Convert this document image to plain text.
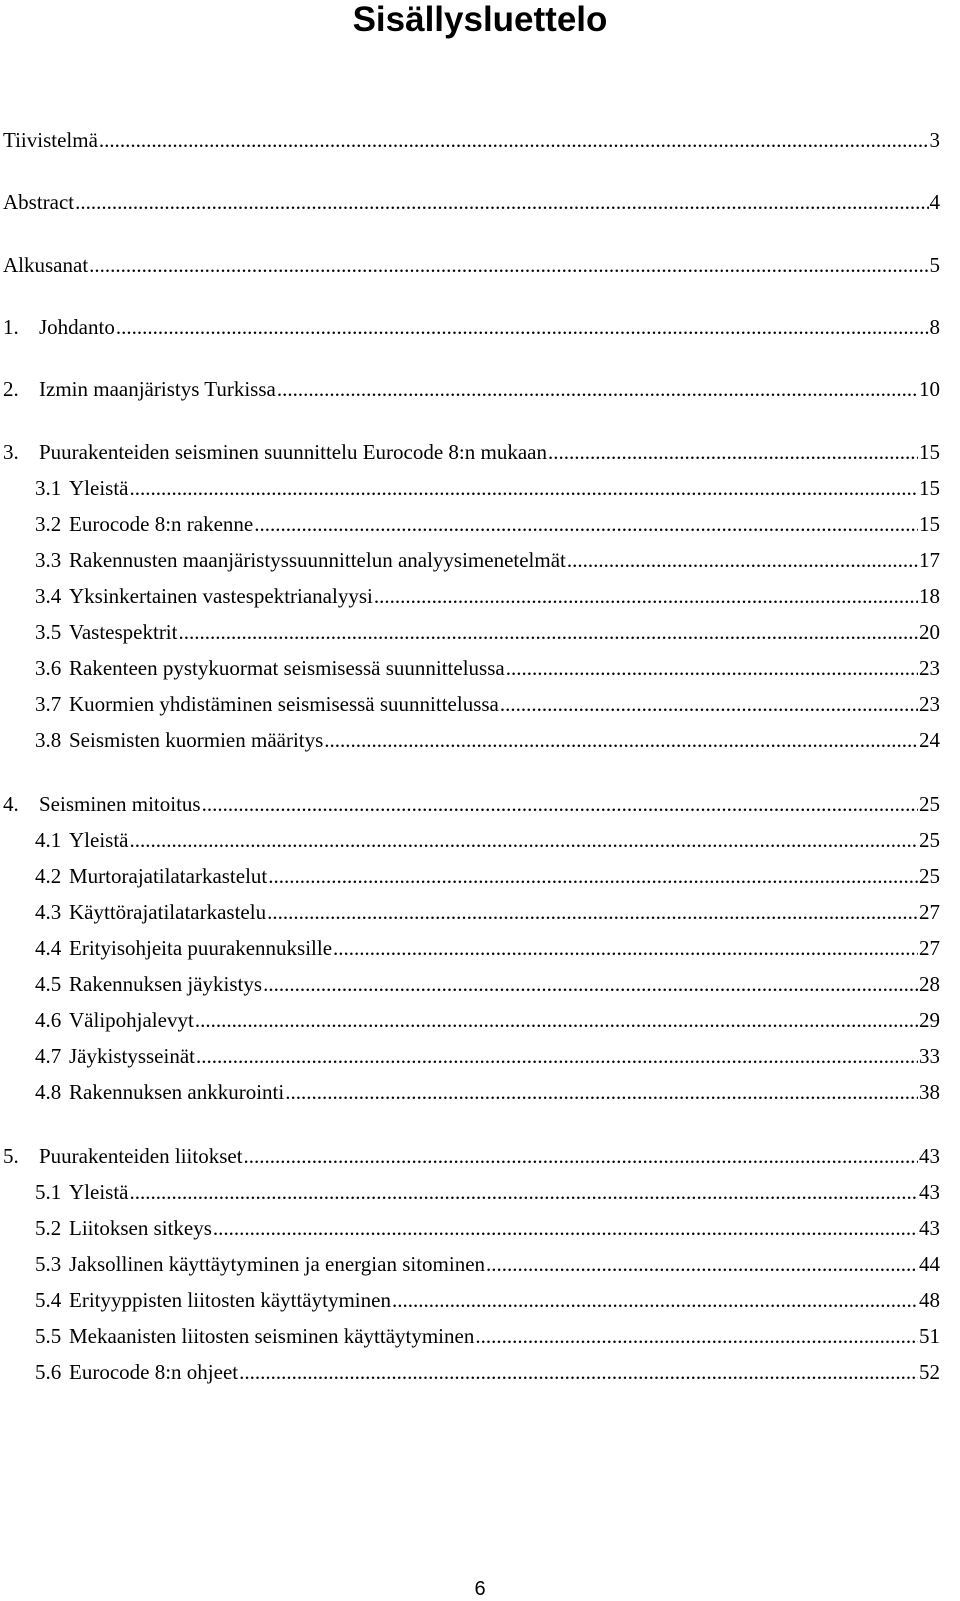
Sisällysluettelo
Tiivistelmä .....	3
Abstract .....	4
Alkusanat .....	5
1. Johdanto .....	8
2. Izmin maanjäristys Turkissa .....	10
3. Puurakenteiden seisminen suunnittelu Eurocode 8:n mukaan .....	15
3.1 Yleistä .....	15
3.2 Eurocode 8:n rakenne .....	15
3.3 Rakennusten maanjäristyssuunnittelun analyysimenetelmät .....	17
3.4 Yksinkertainen vastespektrianalyysi .....	18
3.5 Vastespektrit .....	20
3.6 Rakenteen pystykuormat seismisessä suunnittelussa .....	23
3.7 Kuormien yhdistäminen seismisessä suunnittelussa .....	23
3.8 Seismisten kuormien määritys .....	24
4. Seisminen mitoitus .....	25
4.1 Yleistä .....	25
4.2 Murtorajatilatarkastelut .....	25
4.3 Käyttörajatilatarkastelu .....	27
4.4 Erityisohjeita puurakennuksille .....	27
4.5 Rakennuksen jäykistys .....	28
4.6 Välipohjalevyt .....	29
4.7 Jäykistysseinät .....	33
4.8 Rakennuksen ankkurointi .....	38
5. Puurakenteiden liitokset .....	43
5.1 Yleistä .....	43
5.2 Liitoksen sitkeys .....	43
5.3 Jaksollinen käyttäytyminen ja energian sitominen .....	44
5.4 Erityyppisten liitosten käyttäytyminen .....	48
5.5 Mekaanisten liitosten seisminen käyttäytyminen .....	51
5.6 Eurocode 8:n ohjeet .....	52
6
